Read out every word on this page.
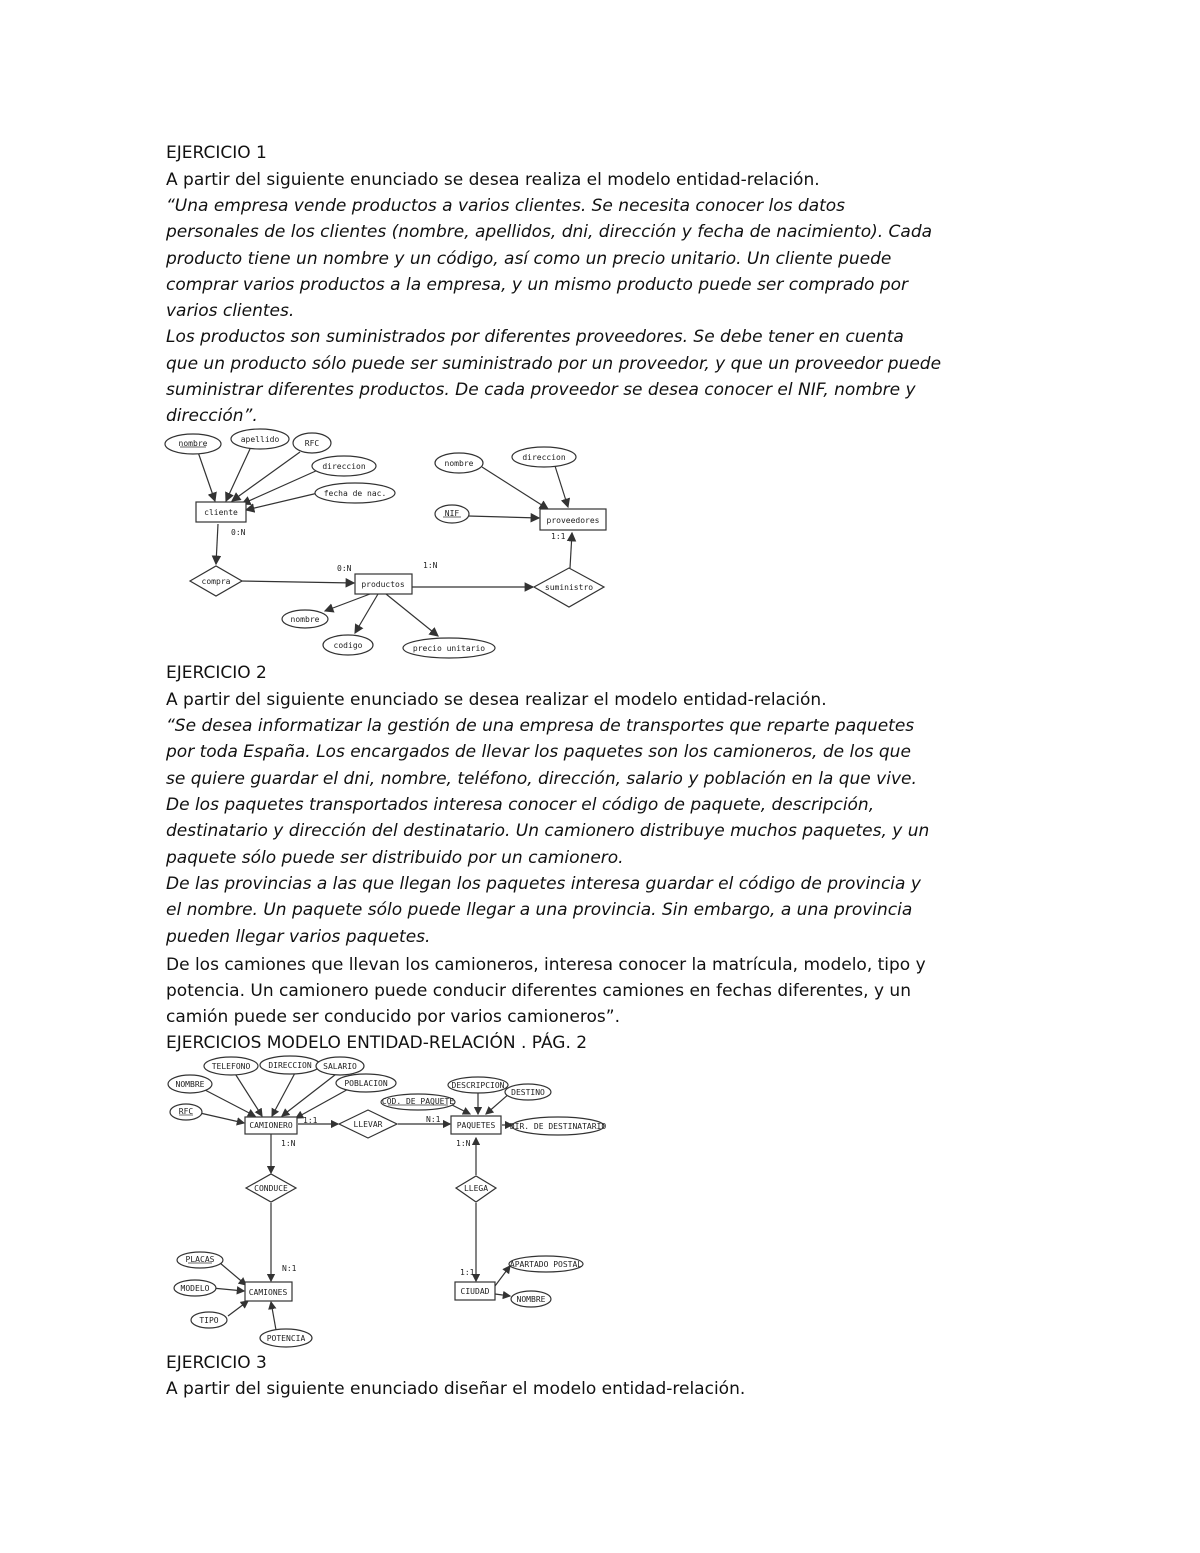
EJERCICIO 1
A partir del siguiente enunciado se desea realiza el modelo entidad-relación.
“Una empresa vende productos a varios clientes. Se necesita conocer los datos
personales de los clientes (nombre, apellidos, dni, dirección y fecha de nacimiento). Cada
producto tiene un nombre y un código, así como un precio unitario. Un cliente puede
comprar varios productos a la empresa, y un mismo producto puede ser comprado por
varios clientes.
Los productos son suministrados por diferentes proveedores. Se debe tener en cuenta
que un producto sólo puede ser suministrado por un proveedor, y que un proveedor puede
suministrar diferentes productos. De cada proveedor se desea conocer el NIF, nombre y
dirección”.
nombre	apellido	RFC
direccion
fecha de nac.
cliente
0:N
compra
0:N	1:N
productos	suministro
nombre
codigo	precio unitario
nombre
direccion
NIF
proveedores
1:1
EJERCICIO 2
A partir del siguiente enunciado se desea realizar el modelo entidad-relación.
“Se desea informatizar la gestión de una empresa de transportes que reparte paquetes
por toda España. Los encargados de llevar los paquetes son los camioneros, de los que
se quiere guardar el dni, nombre, teléfono, dirección, salario y población en la que vive.
De los paquetes transportados interesa conocer el código de paquete, descripción,
destinatario y dirección del destinatario. Un camionero distribuye muchos paquetes, y un
paquete sólo puede ser distribuido por un camionero.
De las provincias a las que llegan los paquetes interesa guardar el código de provincia y
el nombre. Un paquete sólo puede llegar a una provincia. Sin embargo, a una provincia
pueden llegar varios paquetes.
De los camiones que llevan los camioneros, interesa conocer la matrícula, modelo, tipo y
potencia. Un camionero puede conducir diferentes camiones en fechas diferentes, y un
camión puede ser conducido por varios camioneros”.
EJERCICIOS MODELO ENTIDAD-RELACIÓN . PÁG. 2
TELEFONO DIRECCION SALARIO
NOMBRE	POBLACION
RFC
CAMIONERO
1:1
1:N
LLEVAR
N:1
COD. DE PAQUETE
DESCRIPCION
DESTINO
PAQUETES DIR. DE DESTINATARIO
1:N
CONDUCE	LLEGA
PLACAS
MODELO
TIPO
POTENCIA
CAMIONES
N:1
CIUDAD
1:1
APARTADO POSTAL
NOMBRE
EJERCICIO 3
A partir del siguiente enunciado diseñar el modelo entidad-relación.
